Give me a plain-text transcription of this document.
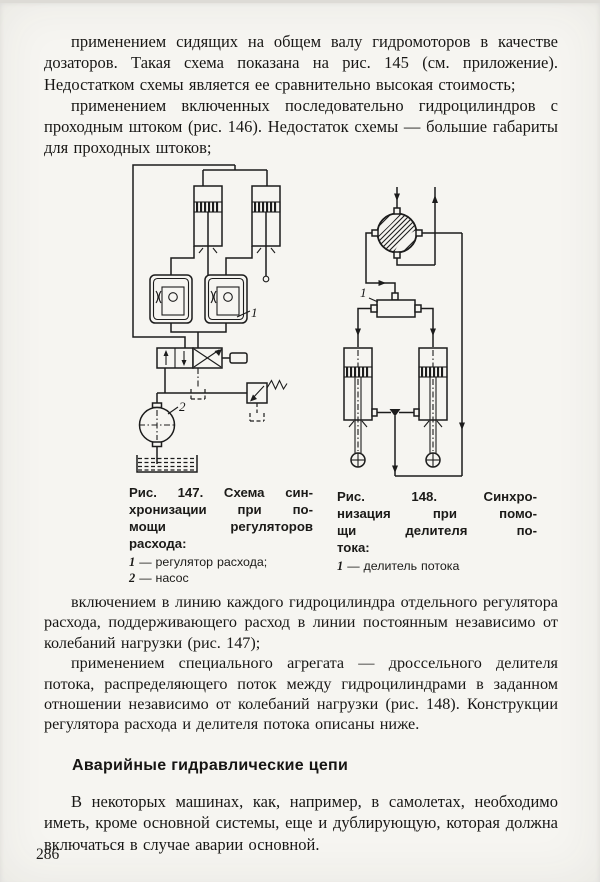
применением сидящих на общем валу гидромоторов в качестве дозаторов. Такая схема показана на рис. 145 (см. приложение). Недостатком схемы является ее сравнительно высокая стоимость;

применением включенных последовательно гидроцилиндров с проходным штоком (рис. 146). Недостаток схемы — большие габариты для проходных штоков;

1
2
1
Рис. 147. Схема син-
хронизации при по-
мощи регуляторов
расхода:
1 — регулятор расхода;
2 — насос
Рис. 148. Синхро-
низация при помо-
щи делителя по-
тока:
1 — делитель потока

включением в линию каждого гидроцилиндра отдельного регулятора расхода, поддерживающего расход в линии постоянным независимо от колебаний нагрузки (рис. 147);

применением специального агрегата — дроссельного делителя потока, распределяющего поток между гидроцилиндрами в заданном отношении независимо от колебаний нагрузки (рис. 148). Конструкции регулятора расхода и делителя потока описаны ниже.

Аварийные гидравлические цепи

В некоторых машинах, как, например, в самолетах, необходимо иметь, кроме основной системы, еще и дублирующую, которая должна включаться в случае аварии основной.

286
